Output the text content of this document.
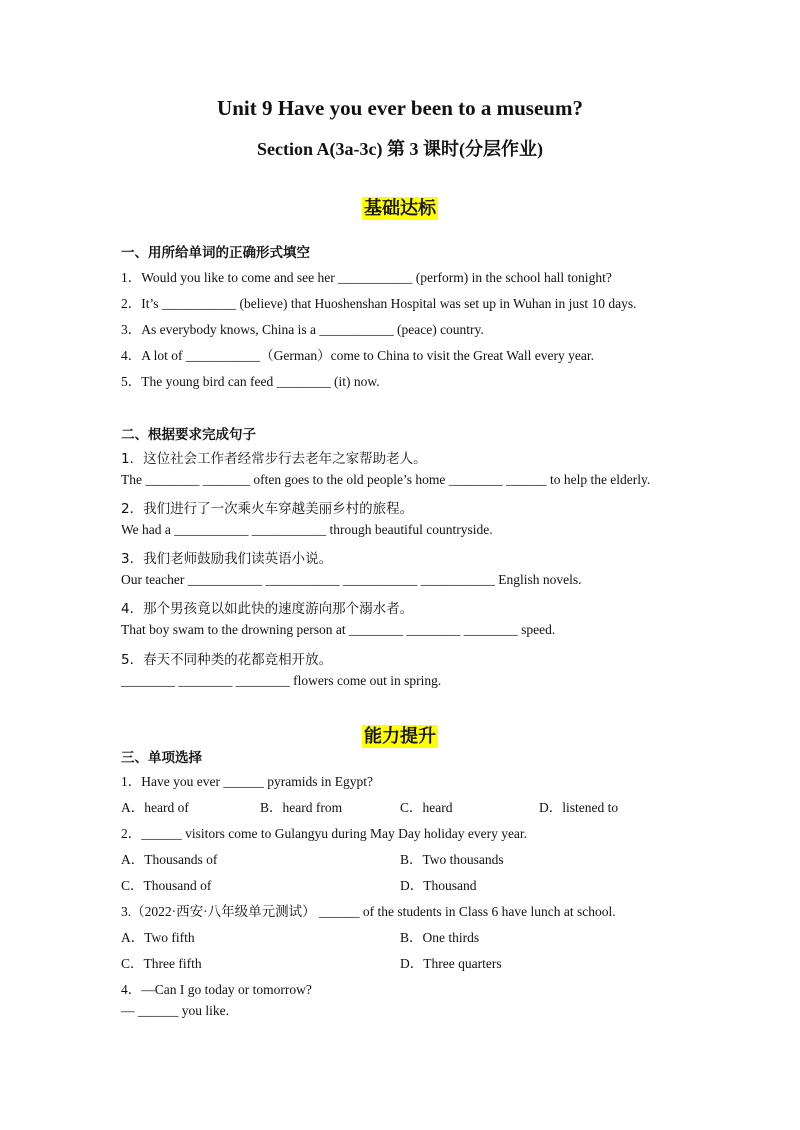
Unit 9 Have you ever been to a museum?
Section A(3a-3c) 第 3 课时(分层作业)
基础达标
一、用所给单词的正确形式填空
1．Would you like to come and see her ___________ (perform) in the school hall tonight?
2．It’s ___________ (believe) that Huoshenshan Hospital was set up in Wuhan in just 10 days.
3．As everybody knows, China is a ___________ (peace) country.
4．A lot of ___________（German）come to China to visit the Great Wall every year.
5．The young bird can feed ________ (it) now.
二、根据要求完成句子
1．这位社会工作者经常步行去老年之家帮助老人。
The ________ _______ often goes to the old people’s home ________ ______ to help the elderly.
2．我们进行了一次乘火车穿越美丽乡村的旅程。
We had a ___________ ___________ through beautiful countryside.
3．我们老师鼓励我们读英语小说。
Our teacher ___________ ___________ ___________ ___________ English novels.
4．那个男孩竟以如此快的速度游向那个溺水者。
That boy swam to the drowning person at ________ ________ ________ speed.
5．春天不同种类的花都竞相开放。
________ ________ ________ flowers come out in spring.
能力提升
三、单项选择
1．Have you ever ______ pyramids in Egypt?
A．heard of	B．heard from	C．heard	D．listened to
2．______ visitors come to Gulangyu during May Day holiday every year.
A．Thousands of	B．Two thousands
C．Thousand of	D．Thousand
3.（2022·西安·八年级单元测试） ______ of the students in Class 6 have lunch at school.
A．Two fifth	B．One thirds
C．Three fifth	D．Three quarters
4．—Can I go today or tomorrow?
— ______ you like.
